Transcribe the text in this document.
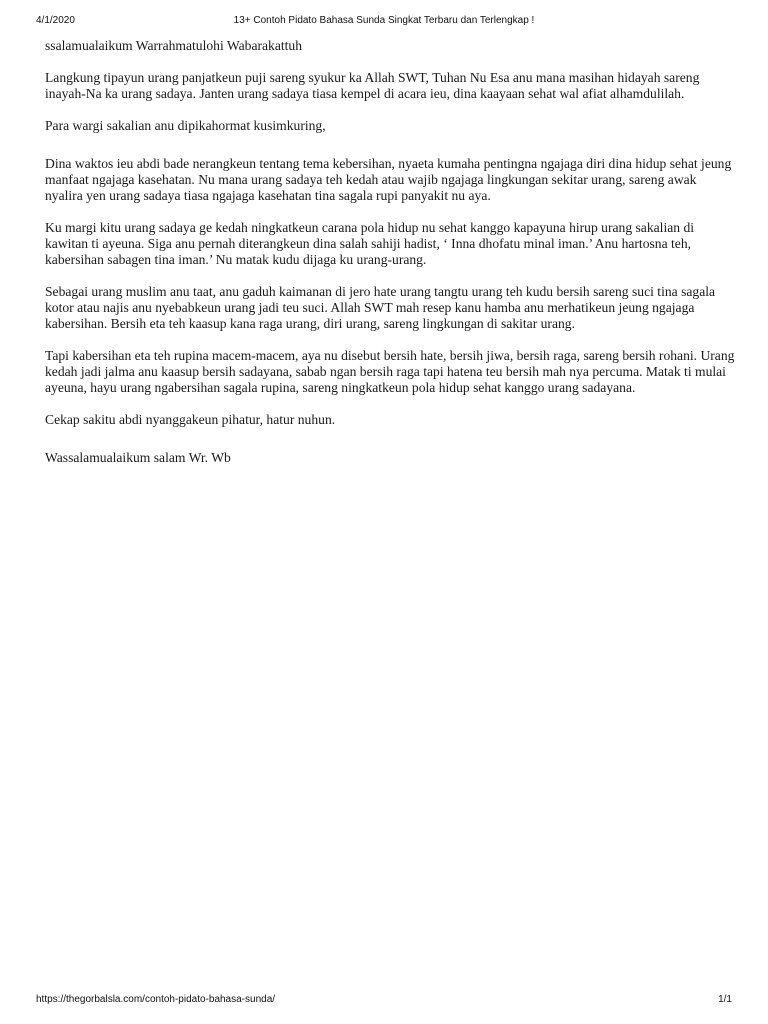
4/1/2020	13+ Contoh Pidato Bahasa Sunda Singkat Terbaru dan Terlengkap !

ssalamualaikum Warrahmatulohi Wabarakattuh

Langkung tipayun urang panjatkeun puji sareng syukur ka Allah SWT, Tuhan Nu Esa anu mana masihan hidayah sareng inayah-Na ka urang sadaya. Janten urang sadaya tiasa kempel di acara ieu, dina kaayaan sehat wal afiat alhamdulilah.

Para wargi sakalian anu dipikahormat kusimkuring,

Dina waktos ieu abdi bade nerangkeun tentang tema kebersihan, nyaeta kumaha pentingna ngajaga diri dina hidup sehat jeung manfaat ngajaga kasehatan. Nu mana urang sadaya teh kedah atau wajib ngajaga lingkungan sekitar urang, sareng awak nyalira yen urang sadaya tiasa ngajaga kasehatan tina sagala rupi panyakit nu aya.

Ku margi kitu urang sadaya ge kedah ningkatkeun carana pola hidup nu sehat kanggo kapayuna hirup urang sakalian di kawitan ti ayeuna. Siga anu pernah diterangkeun dina salah sahiji hadist, ‘ Inna dhofatu minal iman.’ Anu hartosna teh, kabersihan sabagen tina iman.’ Nu matak kudu dijaga ku urang-urang.

Sebagai urang muslim anu taat, anu gaduh kaimanan di jero hate urang tangtu urang teh kudu bersih sareng suci tina sagala kotor atau najis anu nyebabkeun urang jadi teu suci. Allah SWT mah resep kanu hamba anu merhatikeun jeung ngajaga kabersihan. Bersih eta teh kaasup kana raga urang, diri urang, sareng lingkungan di sakitar urang.

Tapi kabersihan eta teh rupina macem-macem, aya nu disebut bersih hate, bersih jiwa, bersih raga, sareng bersih rohani. Urang kedah jadi jalma anu kaasup bersih sadayana, sabab ngan bersih raga tapi hatena teu bersih mah nya percuma. Matak ti mulai ayeuna, hayu urang ngabersihan sagala rupina, sareng ningkatkeun pola hidup sehat kanggo urang sadayana.

Cekap sakitu abdi nyanggakeun pihatur, hatur nuhun.

Wassalamualaikum salam Wr. Wb

https://thegorbalsla.com/contoh-pidato-bahasa-sunda/	1/1
